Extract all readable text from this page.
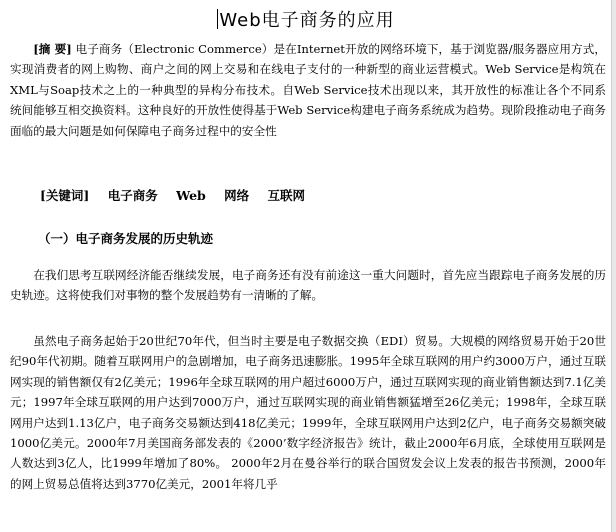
Web电子商务的应用
[摘 要] 电子商务（Electronic Commerce）是在Internet开放的网络环境下，基于浏览器/服务器应用方式，实现消费者的网上购物、商户之间的网上交易和在线电子支付的一种新型的商业运营模式。Web Service是构筑在XML与Soap技术之上的一种典型的异构分布技术。自Web Service技术出现以来，其开放性的标准让各个不同系 统间能够互相交换资料。这种良好的开放性使得基于Web Service构建电子商务系统成为趋势。现阶段推动电子商务面临的最大问题是如何保障电子商务过程中的安全性
[关键词] 电子商务 Web 网络 互联网
（一）电子商务发展的历史轨迹
在我们思考互联网经济能否继续发展，电子商务还有没有前途这一重大问题时，首先应当跟踪电子商务发展的历史轨迹。这将使我们对事物的整个发展趋势有一清晰的了解。
虽然电子商务起始于20世纪70年代，但当时主要是电子数据交换（EDI）贸易。大规模的网络贸易开始于20世纪90年代初期。随着互联网用户的急剧增加，电子商务迅速膨胀。1995年全球互联网的用户约3000万户，通过互联网实现的销售额仅有2亿美元；1996年全球互联网的用户超过6000万户，通过互联网实现的商业销售额达到7.1亿美元；1997年全球互联网的用户达到7000万户，通过互联网实现的商业销售额猛增至26亿美元；1998年，全球互联网用户达到1.13亿户，电子商务交易额达到418亿美元；1999年，全球互联网用户达到2亿户，电子商务交易额突破1000亿美元。2000年7月美国商务部发表的《2000’数字经济报告》统计，截止2000年6月底，全球使用互联网是人数达到3亿人，比1999年增加了80%。 2000年2月在曼谷举行的联合国贸发会议上发表的报告书预测，2000年的网上贸易总值将达到3770亿美元，2001年将几乎
